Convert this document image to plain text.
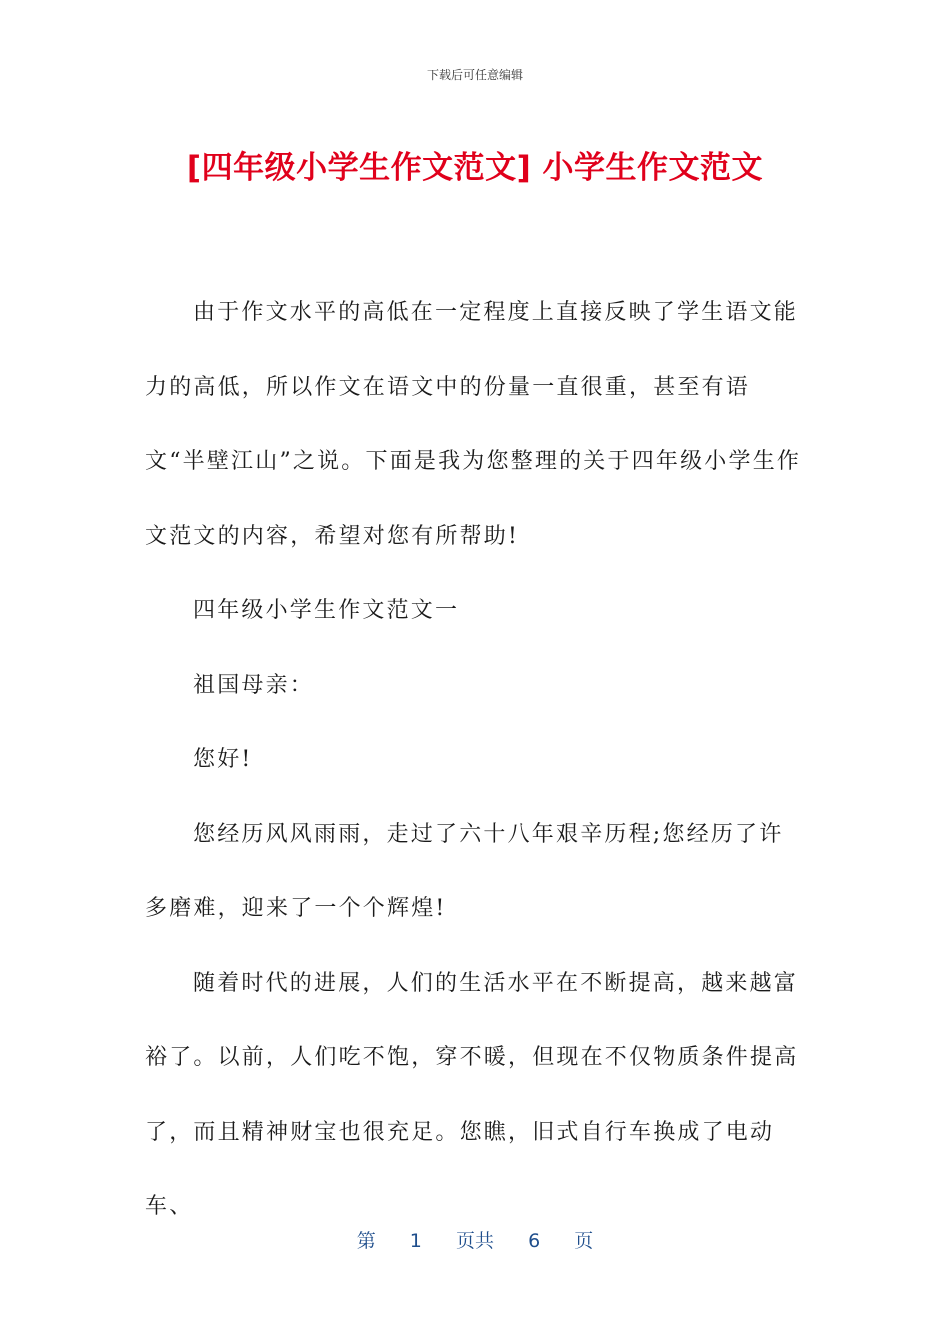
下载后可任意编辑
[四年级小学生作文范文] 小学生作文范文

由于作文水平的高低在一定程度上直接反映了学生语文能力的高低，所以作文在语文中的份量一直很重，甚至有语文“半壁江山”之说。下面是我为您整理的关于四年级小学生作文范文的内容，希望对您有所帮助!

四年级小学生作文范文一

祖国母亲：

您好!

您经历风风雨雨，走过了六十八年艰辛历程;您经历了许多磨难，迎来了一个个辉煌!

随着时代的进展，人们的生活水平在不断提高，越来越富裕了。以前，人们吃不饱，穿不暖，但现在不仅物质条件提高了，而且精神财宝也很充足。您瞧，旧式自行车换成了电动车、

第 1 页共 6 页
